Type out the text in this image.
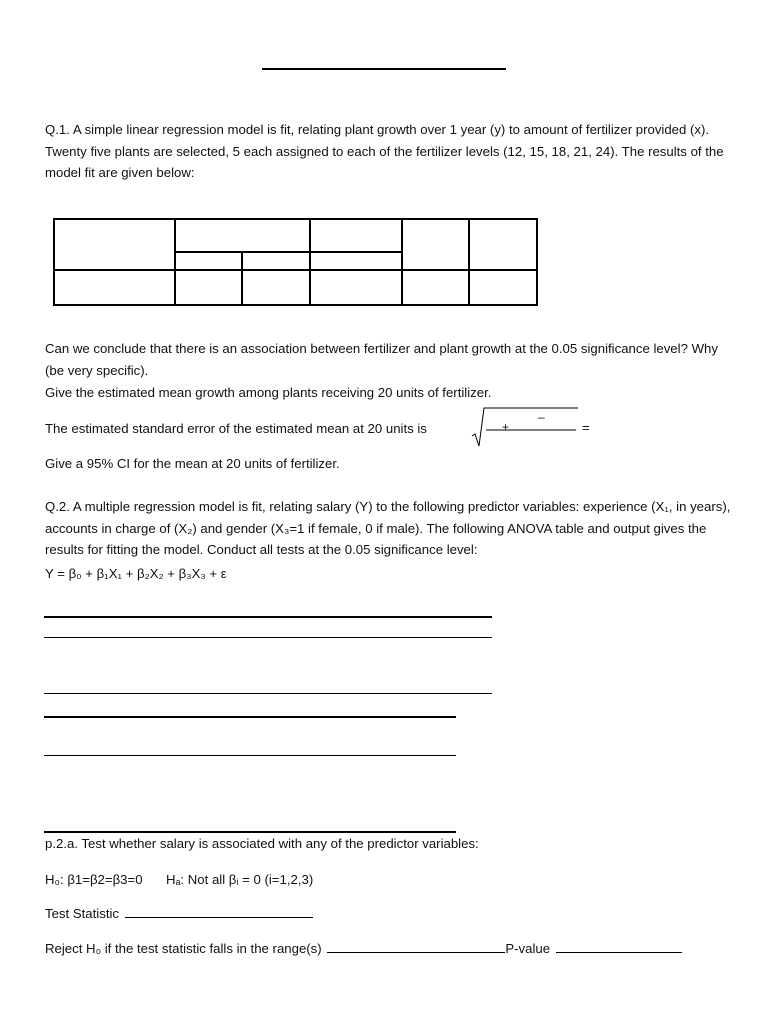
Q.1. A simple linear regression model is fit, relating plant growth over 1 year (y) to amount of fertilizer provided (x). Twenty five plants are selected, 5 each assigned to each of the fertilizer levels (12, 15, 18, 21, 24). The results of the model fit are given below:
Can we conclude that there is an association between fertilizer and plant growth at the 0.05 significance level? Why (be very specific).
Give the estimated mean growth among plants receiving 20 units of fertilizer.
The estimated standard error of the estimated mean at 20 units is	– +
–
=
Give a 95% CI for the mean at 20 units of fertilizer.
Q.2. A multiple regression model is fit, relating salary (Y) to the following predictor variables: experience (X₁, in years), accounts in charge of (X₂) and gender (X₃=1 if female, 0 if male). The following ANOVA table and output gives the results for fitting the model. Conduct all tests at the 0.05 significance level:
Y = β₀ + β₁X₁ + β₂X₂ + β₃X₃ + ε
p.2.a. Test whether salary is associated with any of the predictor variables:
H₀: β1=β2=β3=0 Hₐ: Not all βᵢ = 0 (i=1,2,3)
Test Statistic
Reject H₀ if the test statistic falls in the range(s)	P-value
